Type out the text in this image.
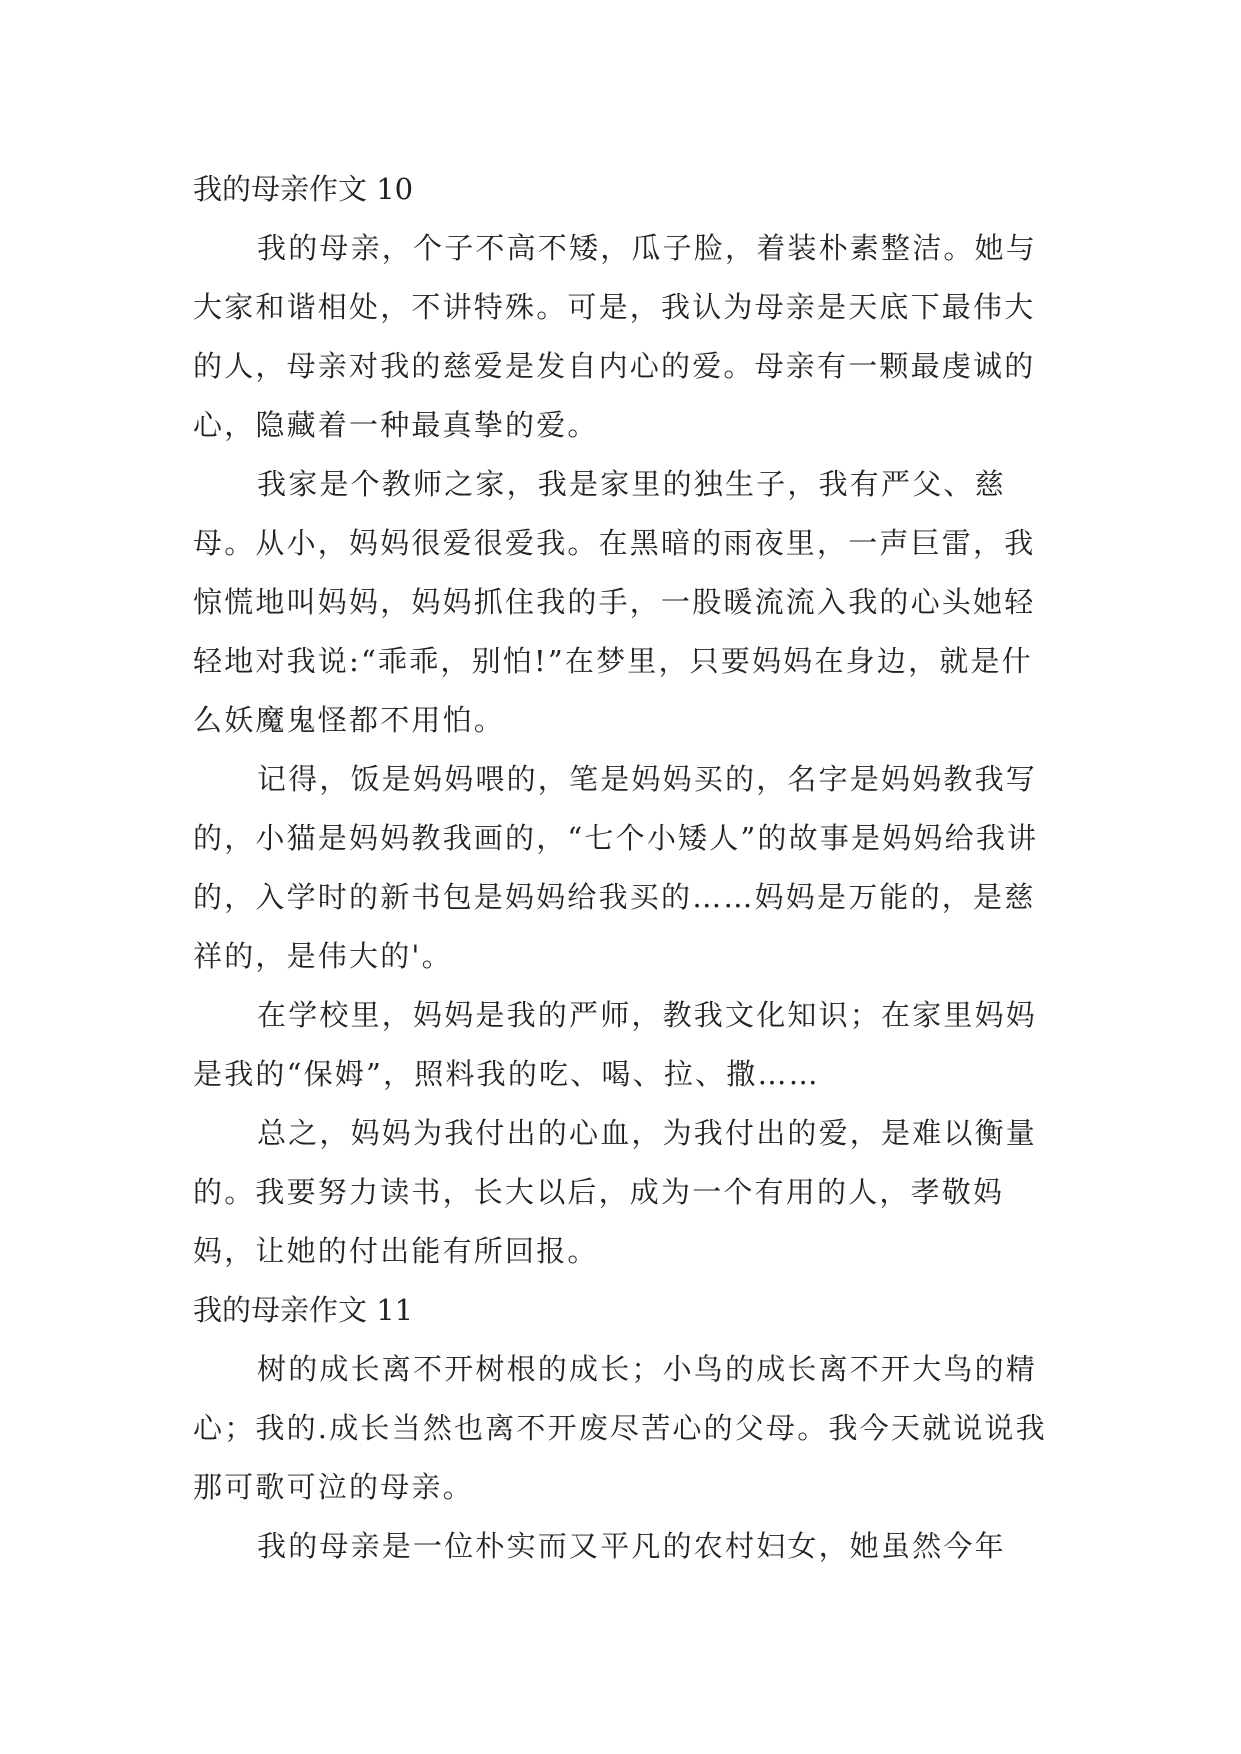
我的母亲作文 10

我的母亲，个子不高不矮，瓜子脸，着装朴素整洁。她与大家和谐相处，不讲特殊。可是，我认为母亲是天底下最伟大的人，母亲对我的慈爱是发自内心的爱。母亲有一颗最虔诚的心，隐藏着一种最真挚的爱。

我家是个教师之家，我是家里的独生子，我有严父、慈母。从小，妈妈很爱很爱我。在黑暗的雨夜里，一声巨雷，我惊慌地叫妈妈，妈妈抓住我的手，一股暖流流入我的心头她轻轻地对我说:“乖乖，别怕!”在梦里，只要妈妈在身边，就是什么妖魔鬼怪都不用怕。

记得，饭是妈妈喂的，笔是妈妈买的，名字是妈妈教我写的，小猫是妈妈教我画的，“七个小矮人”的故事是妈妈给我讲的，入学时的新书包是妈妈给我买的……妈妈是万能的，是慈祥的，是伟大的'。

在学校里，妈妈是我的严师，教我文化知识；在家里妈妈是我的“保姆”，照料我的吃、喝、拉、撒……

总之，妈妈为我付出的心血，为我付出的爱，是难以衡量的。我要努力读书，长大以后，成为一个有用的人，孝敬妈妈，让她的付出能有所回报。

我的母亲作文 11

树的成长离不开树根的成长；小鸟的成长离不开大鸟的精心；我的.成长当然也离不开废尽苦心的父母。我今天就说说我那可歌可泣的母亲。

我的母亲是一位朴实而又平凡的农村妇女，她虽然今年
